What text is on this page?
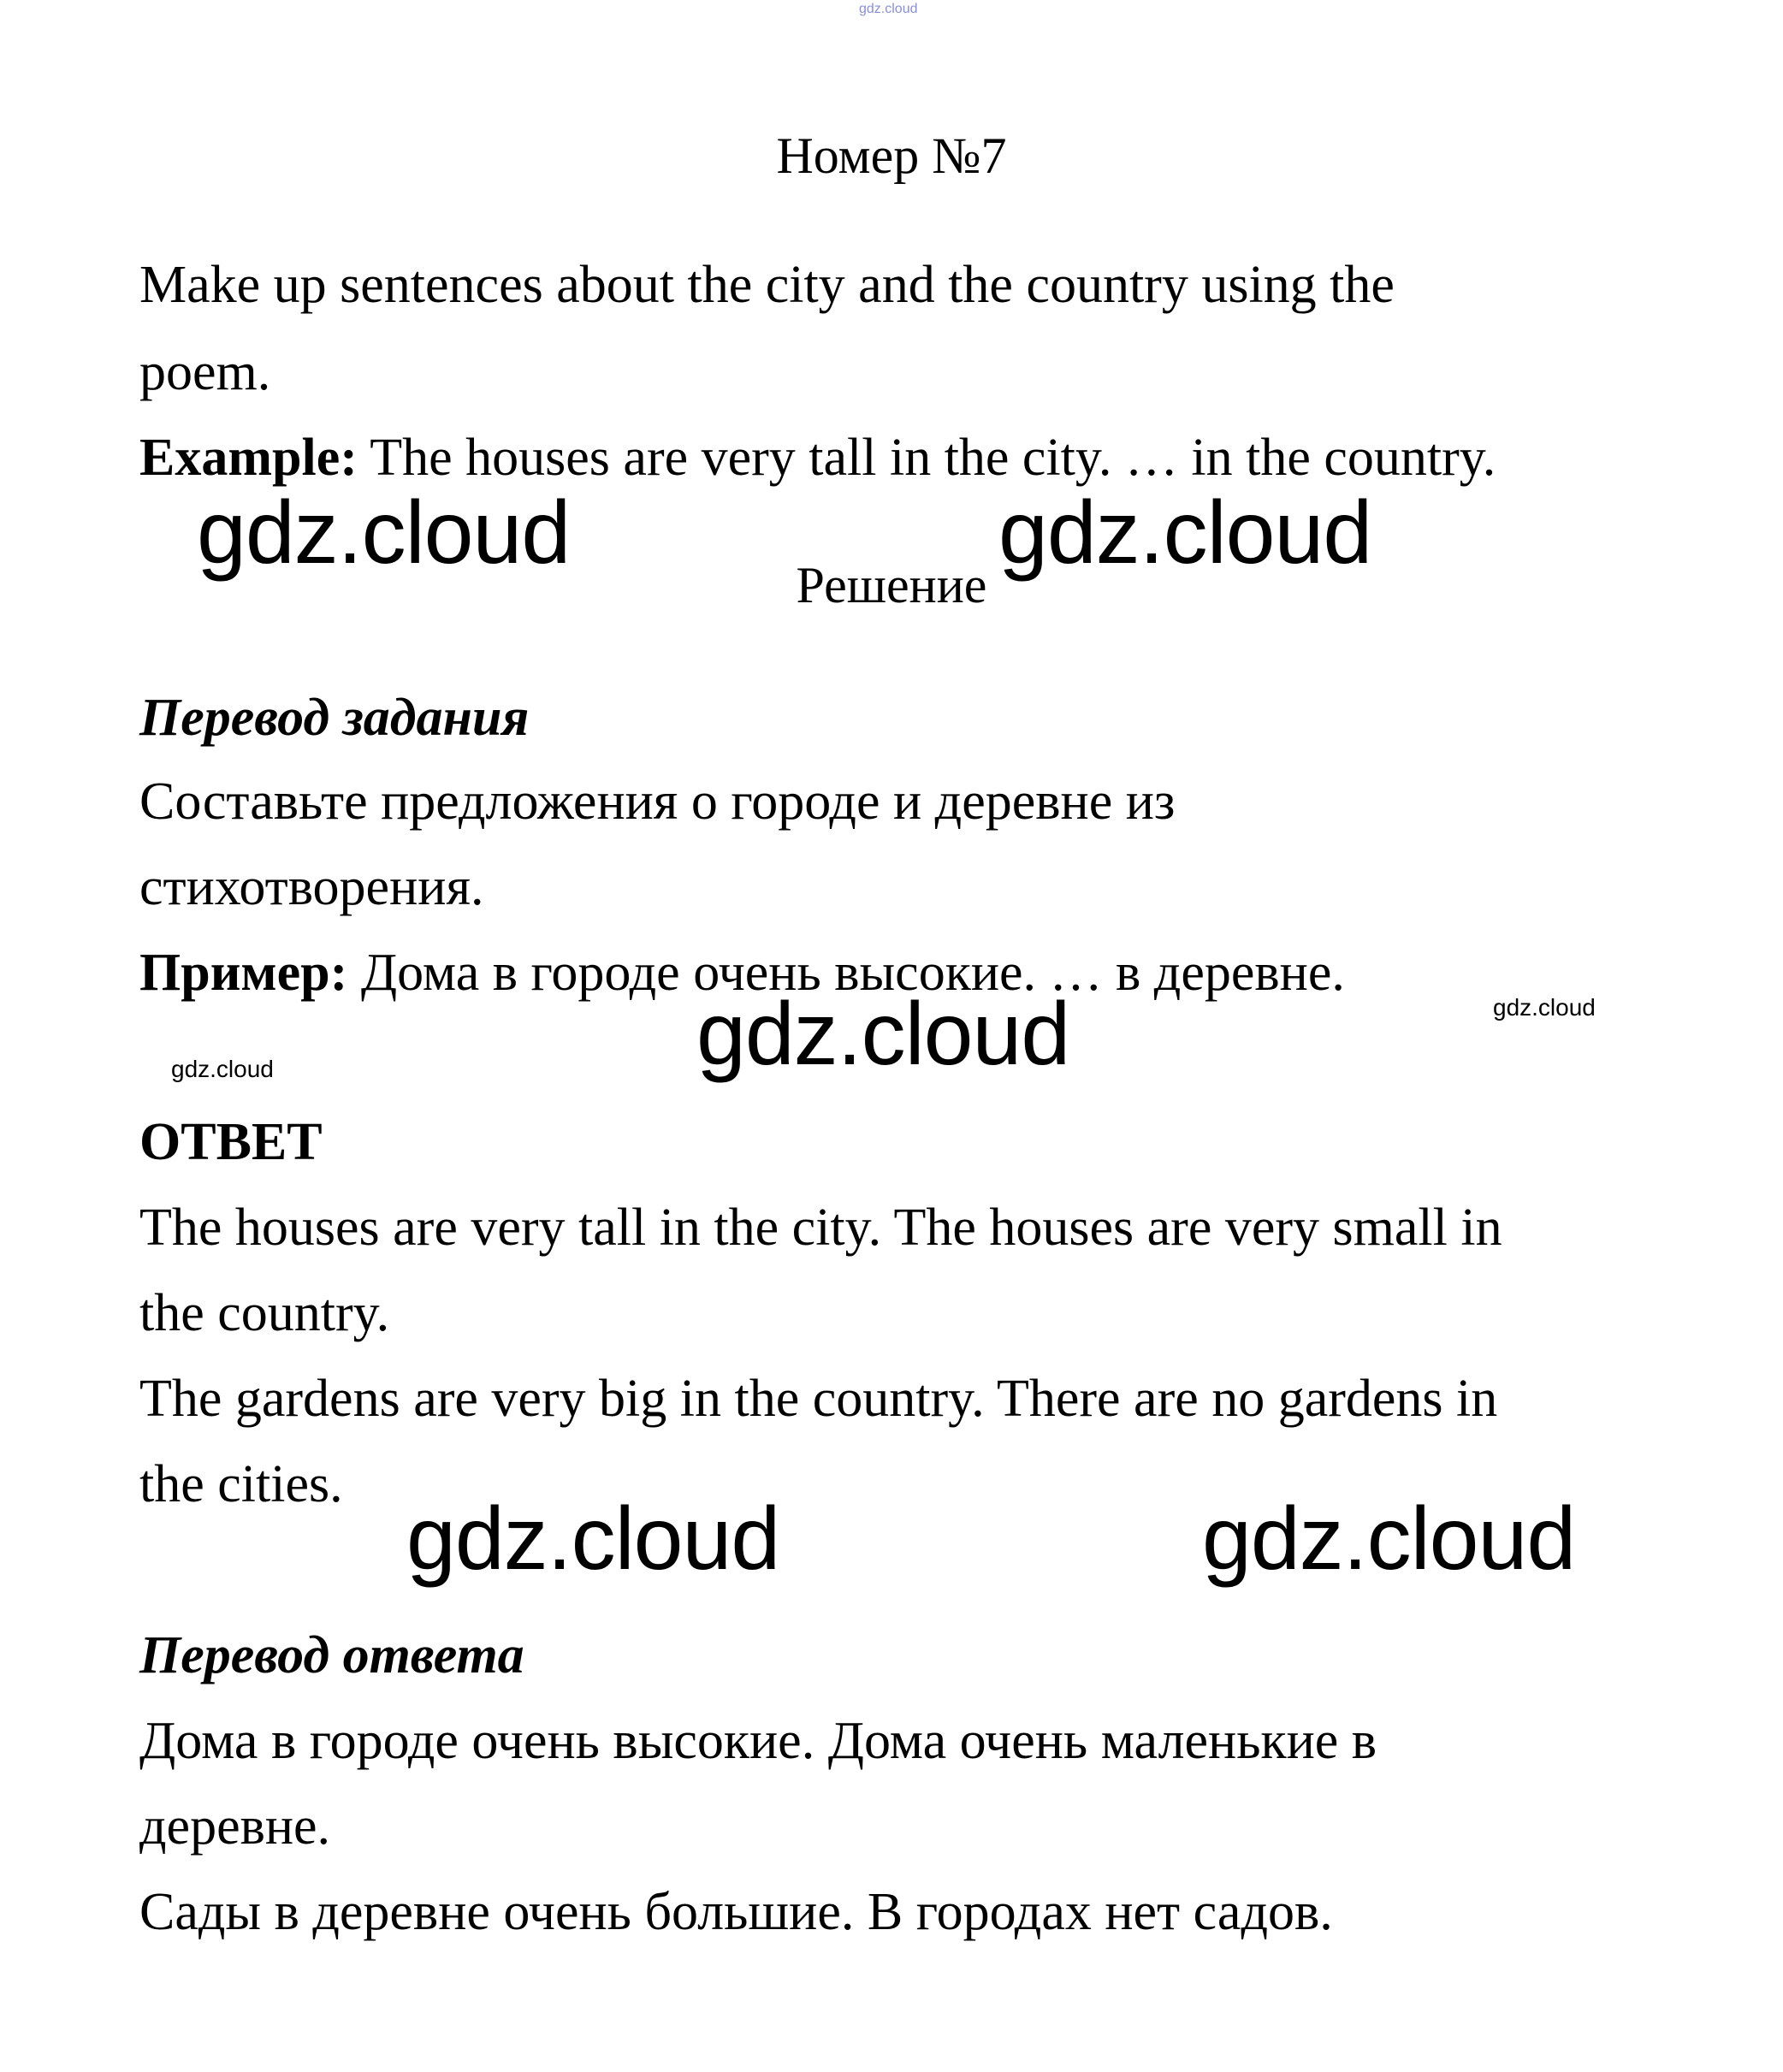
gdz.cloud
Номер №7
Make up sentences about the city and the country using the
poem.
Example: The houses are very tall in the city. … in the country.
gdz.cloud	gdz.cloud
Решение
Перевод задания
Составьте предложения о городе и деревне из
стихотворения.
Пример: Дома в городе очень высокие. … в деревне.
gdz.cloud	gdz.cloud
gdz.cloud
ОТВЕТ
The houses are very tall in the city. The houses are very small in
the country.
The gardens are very big in the country. There are no gardens in
the cities.
gdz.cloud	gdz.cloud
Перевод ответа
Дома в городе очень высокие. Дома очень маленькие в
деревне.
Сады в деревне очень большие. В городах нет садов.
